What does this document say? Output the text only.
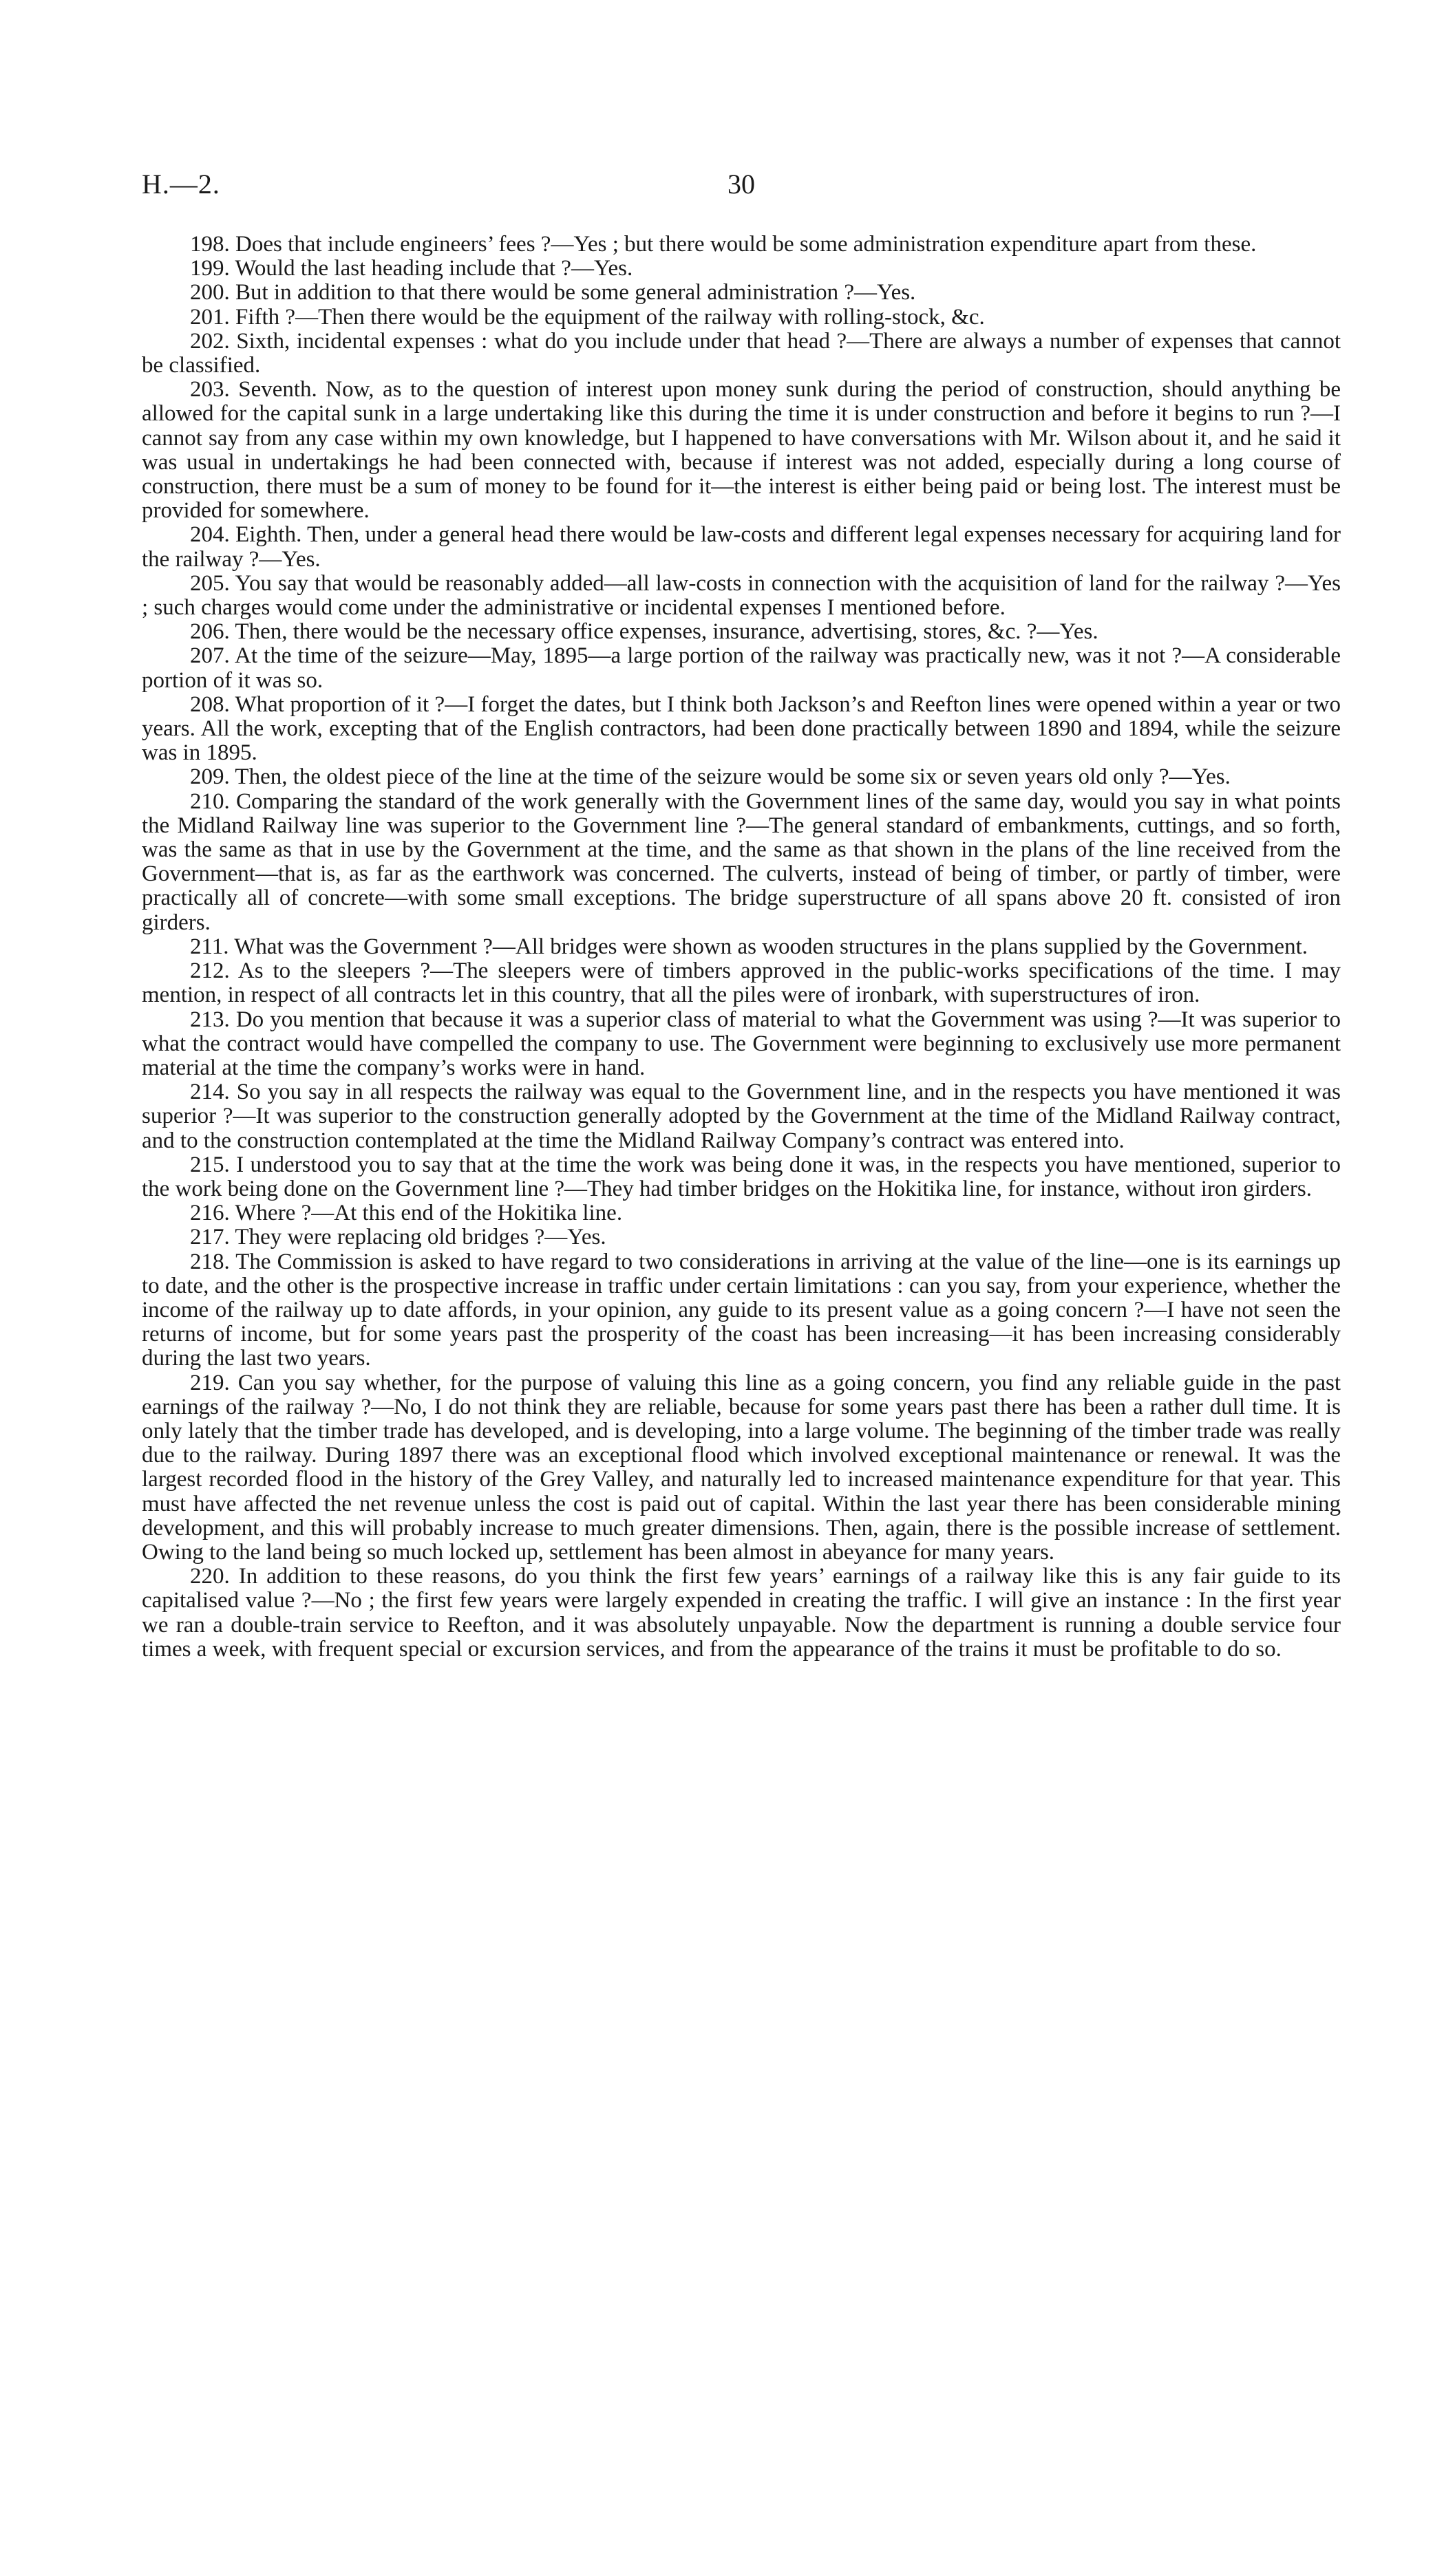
H.—2.	30

198. Does that include engineers’ fees ?—Yes ; but there would be some administration expenditure apart from these.

199. Would the last heading include that ?—Yes.

200. But in addition to that there would be some general administration ?—Yes.

201. Fifth ?—Then there would be the equipment of the railway with rolling-stock, &c.

202. Sixth, incidental expenses : what do you include under that head ?—There are always a number of expenses that cannot be classified.

203. Seventh. Now, as to the question of interest upon money sunk during the period of construction, should anything be allowed for the capital sunk in a large undertaking like this during the time it is under construction and before it begins to run ?—I cannot say from any case within my own knowledge, but I happened to have conversations with Mr. Wilson about it, and he said it was usual in undertakings he had been connected with, because if interest was not added, especially during a long course of construction, there must be a sum of money to be found for it—the interest is either being paid or being lost. The interest must be provided for somewhere.

204. Eighth. Then, under a general head there would be law-costs and different legal expenses necessary for acquiring land for the railway ?—Yes.

205. You say that would be reasonably added—all law-costs in connection with the acquisition of land for the railway ?—Yes ; such charges would come under the administrative or incidental expenses I mentioned before.

206. Then, there would be the necessary office expenses, insurance, advertising, stores, &c. ?—Yes.

207. At the time of the seizure—May, 1895—a large portion of the railway was practically new, was it not ?—A considerable portion of it was so.

208. What proportion of it ?—I forget the dates, but I think both Jackson’s and Reefton lines were opened within a year or two years. All the work, excepting that of the English contractors, had been done practically between 1890 and 1894, while the seizure was in 1895.

209. Then, the oldest piece of the line at the time of the seizure would be some six or seven years old only ?—Yes.

210. Comparing the standard of the work generally with the Government lines of the same day, would you say in what points the Midland Railway line was superior to the Government line ?—The general standard of embankments, cuttings, and so forth, was the same as that in use by the Government at the time, and the same as that shown in the plans of the line received from the Government—that is, as far as the earthwork was concerned. The culverts, instead of being of timber, or partly of timber, were practically all of concrete—with some small exceptions. The bridge superstructure of all spans above 20 ft. consisted of iron girders.

211. What was the Government ?—All bridges were shown as wooden structures in the plans supplied by the Government.

212. As to the sleepers ?—The sleepers were of timbers approved in the public-works specifications of the time. I may mention, in respect of all contracts let in this country, that all the piles were of ironbark, with superstructures of iron.

213. Do you mention that because it was a superior class of material to what the Government was using ?—It was superior to what the contract would have compelled the company to use. The Government were beginning to exclusively use more permanent material at the time the company’s works were in hand.

214. So you say in all respects the railway was equal to the Government line, and in the respects you have mentioned it was superior ?—It was superior to the construction generally adopted by the Government at the time of the Midland Railway contract, and to the construction contemplated at the time the Midland Railway Company’s contract was entered into.

215. I understood you to say that at the time the work was being done it was, in the respects you have mentioned, superior to the work being done on the Government line ?—They had timber bridges on the Hokitika line, for instance, without iron girders.

216. Where ?—At this end of the Hokitika line.

217. They were replacing old bridges ?—Yes.

218. The Commission is asked to have regard to two considerations in arriving at the value of the line—one is its earnings up to date, and the other is the prospective increase in traffic under certain limitations : can you say, from your experience, whether the income of the railway up to date affords, in your opinion, any guide to its present value as a going concern ?—I have not seen the returns of income, but for some years past the prosperity of the coast has been increasing—it has been increasing considerably during the last two years.

219. Can you say whether, for the purpose of valuing this line as a going concern, you find any reliable guide in the past earnings of the railway ?—No, I do not think they are reliable, because for some years past there has been a rather dull time. It is only lately that the timber trade has developed, and is developing, into a large volume. The beginning of the timber trade was really due to the railway. During 1897 there was an exceptional flood which involved exceptional maintenance or renewal. It was the largest recorded flood in the history of the Grey Valley, and naturally led to increased maintenance expenditure for that year. This must have affected the net revenue unless the cost is paid out of capital. Within the last year there has been considerable mining development, and this will probably increase to much greater dimensions. Then, again, there is the possible increase of settlement. Owing to the land being so much locked up, settlement has been almost in abeyance for many years.

220. In addition to these reasons, do you think the first few years’ earnings of a railway like this is any fair guide to its capitalised value ?—No ; the first few years were largely expended in creating the traffic. I will give an instance : In the first year we ran a double-train service to Reefton, and it was absolutely unpayable. Now the department is running a double service four times a week, with frequent special or excursion services, and from the appearance of the trains it must be profitable to do so.
